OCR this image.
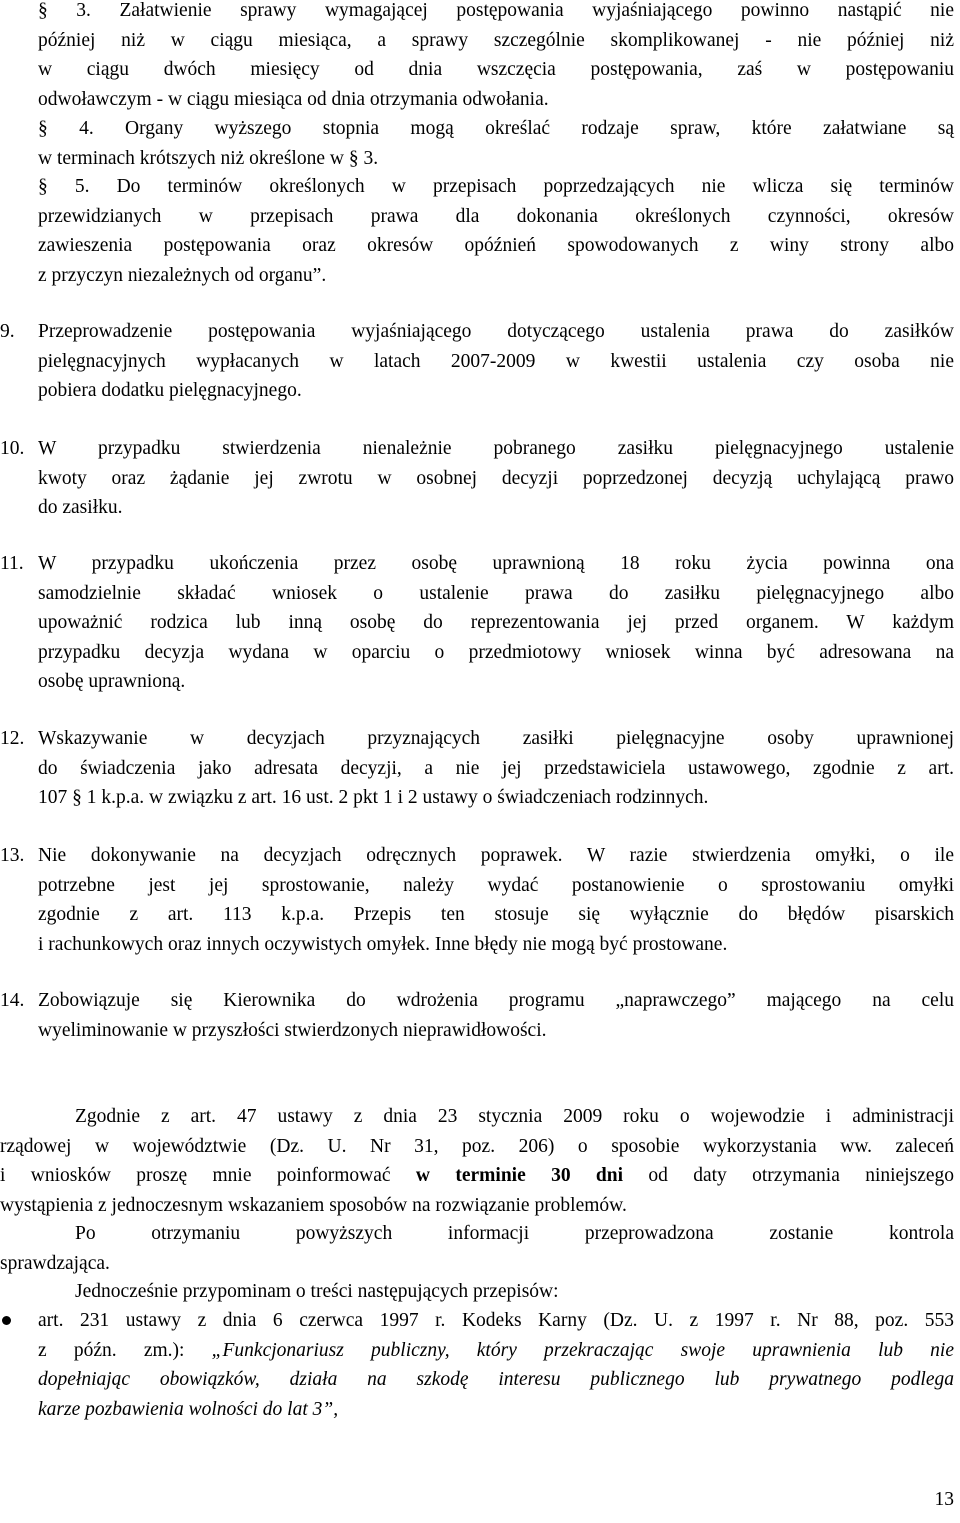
§ 3. Załatwienie sprawy wymagającej postępowania wyjaśniającego powinno nastąpić nie
później niż w ciągu miesiąca, a sprawy szczególnie skomplikowanej - nie później niż
w ciągu dwóch miesięcy od dnia wszczęcia postępowania, zaś w postępowaniu
odwoławczym - w ciągu miesiąca od dnia otrzymania odwołania.
§ 4. Organy wyższego stopnia mogą określać rodzaje spraw, które załatwiane są
w terminach krótszych niż określone w § 3.
§ 5. Do terminów określonych w przepisach poprzedzających nie wlicza się terminów
przewidzianych w przepisach prawa dla dokonania określonych czynności, okresów
zawieszenia postępowania oraz okresów opóźnień spowodowanych z winy strony albo
z przyczyn niezależnych od organu”.
9. Przeprowadzenie postępowania wyjaśniającego dotyczącego ustalenia prawa do zasiłków
pielęgnacyjnych wypłacanych w latach 2007-2009 w kwestii ustalenia czy osoba nie
pobiera dodatku pielęgnacyjnego.
10. W przypadku stwierdzenia nienależnie pobranego zasiłku pielęgnacyjnego ustalenie
kwoty oraz żądanie jej zwrotu w osobnej decyzji poprzedzonej decyzją uchylającą prawo
do zasiłku.
11. W przypadku ukończenia przez osobę uprawnioną 18 roku życia powinna ona
samodzielnie składać wniosek o ustalenie prawa do zasiłku pielęgnacyjnego albo
upoważnić rodzica lub inną osobę do reprezentowania jej przed organem. W każdym
przypadku decyzja wydana w oparciu o przedmiotowy wniosek winna być adresowana na
osobę uprawnioną.
12. Wskazywanie w decyzjach przyznających zasiłki pielęgnacyjne osoby uprawnionej
do świadczenia jako adresata decyzji, a nie jej przedstawiciela ustawowego, zgodnie z art.
107 § 1 k.p.a. w związku z art. 16 ust. 2 pkt 1 i 2 ustawy o świadczeniach rodzinnych.
13. Nie dokonywanie na decyzjach odręcznych poprawek. W razie stwierdzenia omyłki, o ile
potrzebne jest jej sprostowanie, należy wydać postanowienie o sprostowaniu omyłki
zgodnie z art. 113 k.p.a. Przepis ten stosuje się wyłącznie do błędów pisarskich
i rachunkowych oraz innych oczywistych omyłek. Inne błędy nie mogą być prostowane.
14. Zobowiązuje się Kierownika do wdrożenia programu „naprawczego” mającego na celu
wyeliminowanie w przyszłości stwierdzonych nieprawidłowości.
Zgodnie z art. 47 ustawy z dnia 23 stycznia 2009 roku o wojewodzie i administracji
rządowej w województwie (Dz. U. Nr 31, poz. 206) o sposobie wykorzystania ww. zaleceń
i wniosków proszę mnie poinformować w terminie 30 dni od daty otrzymania niniejszego
wystąpienia z jednoczesnym wskazaniem sposobów na rozwiązanie problemów.
Po otrzymaniu powyższych informacji przeprowadzona zostanie kontrola
sprawdzająca.
Jednocześnie przypominam o treści następujących przepisów:
art. 231 ustawy z dnia 6 czerwca 1997 r. Kodeks Karny (Dz. U. z 1997 r. Nr 88, poz. 553
z późn. zm.): „Funkcjonariusz publiczny, który przekraczając swoje uprawnienia lub nie
dopełniając obowiązków, działa na szkodę interesu publicznego lub prywatnego podlega
karze pozbawienia wolności do lat 3”,
13
